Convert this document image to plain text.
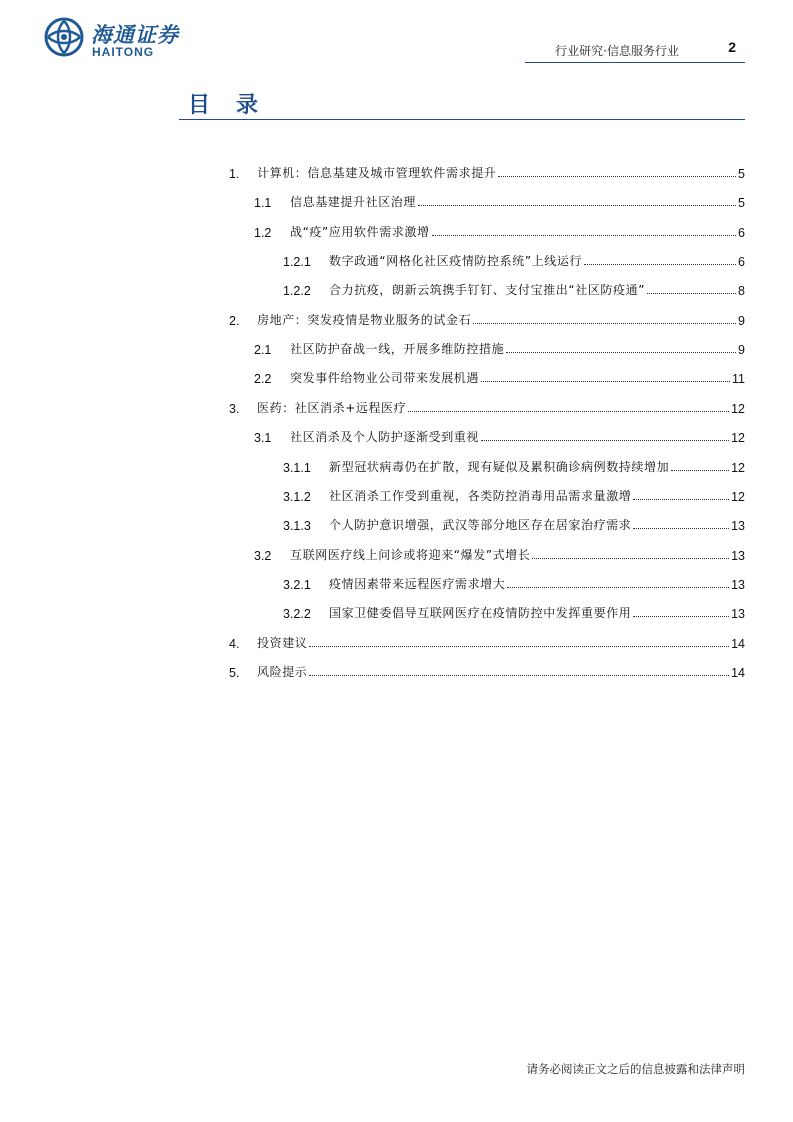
海通证券
HAITONG	行业研究·信息服务行业	2
目录
1.	计算机：信息基建及城市管理软件需求提升	5
1.1	信息基建提升社区治理	5
1.2	战“疫”应用软件需求激增	6
1.2.1	数字政通“网格化社区疫情防控系统”上线运行	6
1.2.2	合力抗疫，朗新云筑携手钉钉、支付宝推出“社区防疫通”	8
2.	房地产：突发疫情是物业服务的试金石	9
2.1	社区防护奋战一线，开展多维防控措施	9
2.2	突发事件给物业公司带来发展机遇	11
3.	医药：社区消杀+远程医疗	12
3.1	社区消杀及个人防护逐渐受到重视	12
3.1.1	新型冠状病毒仍在扩散，现有疑似及累积确诊病例数持续增加	12
3.1.2	社区消杀工作受到重视，各类防控消毒用品需求量激增	12
3.1.3	个人防护意识增强，武汉等部分地区存在居家治疗需求	13
3.2	互联网医疗线上问诊或将迎来“爆发”式增长	13
3.2.1	疫情因素带来远程医疗需求增大	13
3.2.2	国家卫健委倡导互联网医疗在疫情防控中发挥重要作用	13
4.	投资建议	14
5.	风险提示	14
请务必阅读正文之后的信息披露和法律声明
